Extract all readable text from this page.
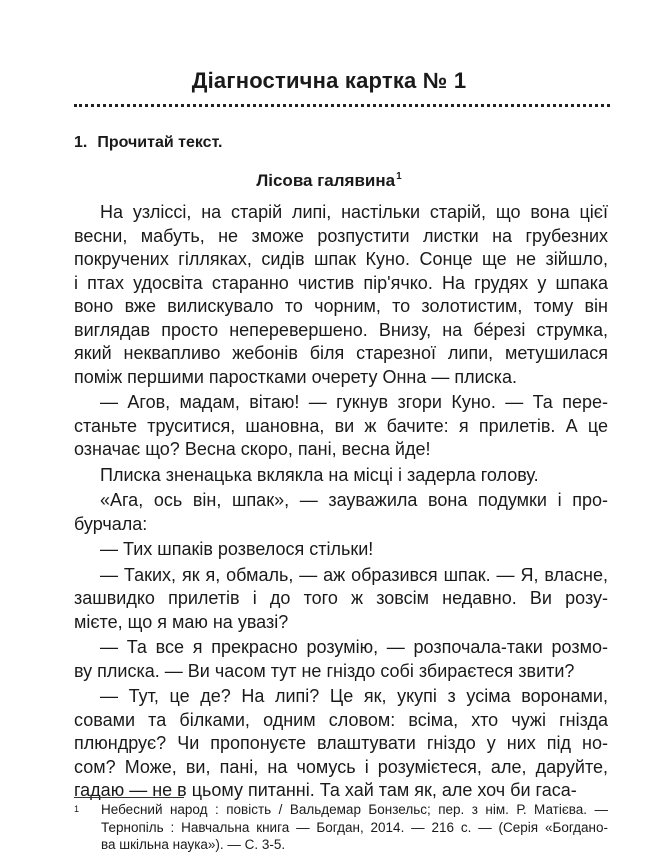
Діагностична картка № 1
1. Прочитай текст.
Лісова галявина$^1$
На узліссі, на старій липі, настільки старій, що вона цієї
весни, мабуть, не зможе розпустити листки на грубезних
покручених гілляках, сидів шпак Куно. Сонце ще не зійшло,
і птах удосвіта старанно чистив пір'ячко. На грудях у шпака
воно вже вилискувало то чорним, то золотистим, тому він
виглядав просто неперевершено. Внизу, на бе́резі струмка,
який неквапливо жебонів біля старезної липи, метушилася
поміж першими паростками очерету Онна — плиска.
— Агов, мадам, вітаю! — гукнув згори Куно. — Та пере-
станьте труситися, шановна, ви ж бачите: я прилетів. А це
означає що? Весна скоро, пані, весна йде!
Плиска зненацька вклякла на місці і задерла голову.
«Ага, ось він, шпак», — зауважила вона подумки і про-
бурчала:
— Тих шпаків розвелося стільки!
— Таких, як я, обмаль, — аж образився шпак. — Я, власне,
зашвидко прилетів і до того ж зовсім недавно. Ви розу-
мієте, що я маю на увазі?
— Та все я прекрасно розумію, — розпочала-таки розмо-
ву плиска. — Ви часом тут не гніздо собі збираєтеся звити?
— Тут, це де? На липі? Це як, укупі з усіма воронами,
совами та білками, одним словом: всіма, хто чужі гнізда
плюндрує? Чи пропонуєте влаштувати гніздо у них під но-
сом? Може, ви, пані, на чомусь і розумієтеся, але, даруйте,
гадаю — не в цьому питанні. Та хай там як, але хоч би гаса-
1 Небесний народ : повість / Вальдемар Бонзельс; пер. з нім. Р. Матієва. —
Тернопіль : Навчальна книга — Богдан, 2014. — 216 с. — (Серія «Богдано-
ва шкільна наука»). — С. 3-5.
